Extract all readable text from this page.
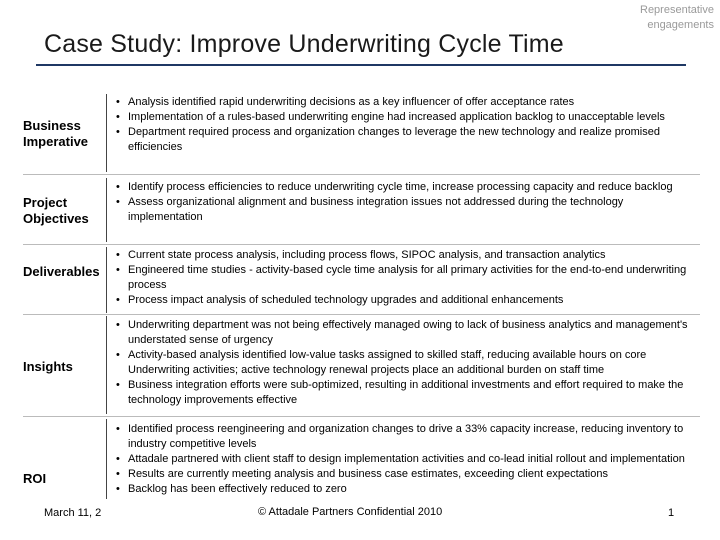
Representative engagements
Case Study: Improve Underwriting Cycle Time
Business Imperative
• Analysis identified rapid underwriting decisions as a key influencer of offer acceptance rates
• Implementation of a rules-based underwriting engine had increased application backlog to unacceptable levels
• Department required process and organization changes to leverage the new technology and realize promised efficiencies
Project Objectives
• Identify process efficiencies to reduce underwriting cycle time, increase processing capacity and reduce backlog
• Assess organizational alignment and business integration issues not addressed during the technology implementation
Deliverables
• Current state process analysis, including process flows, SIPOC analysis, and transaction analytics
• Engineered time studies - activity-based cycle time analysis for all primary activities for the end-to-end underwriting process
• Process impact analysis of scheduled technology upgrades and additional enhancements
Insights
• Underwriting department was not being effectively managed owing to lack of business analytics and management's understated sense of urgency
• Activity-based analysis identified low-value tasks assigned to skilled staff, reducing available hours on core Underwriting activities; active technology renewal projects place an additional burden on staff time
• Business integration efforts were sub-optimized, resulting in additional investments and effort required to make the technology improvements effective
ROI
• Identified process reengineering and organization changes to drive a 33% capacity increase, reducing inventory to industry competitive levels
• Attadale partnered with client staff to design implementation activities and co-lead initial rollout and implementation
• Results are currently meeting analysis and business case estimates, exceeding client expectations
• Backlog has been effectively reduced to zero
March 11, 2	© Attadale Partners Confidential 2010	1
